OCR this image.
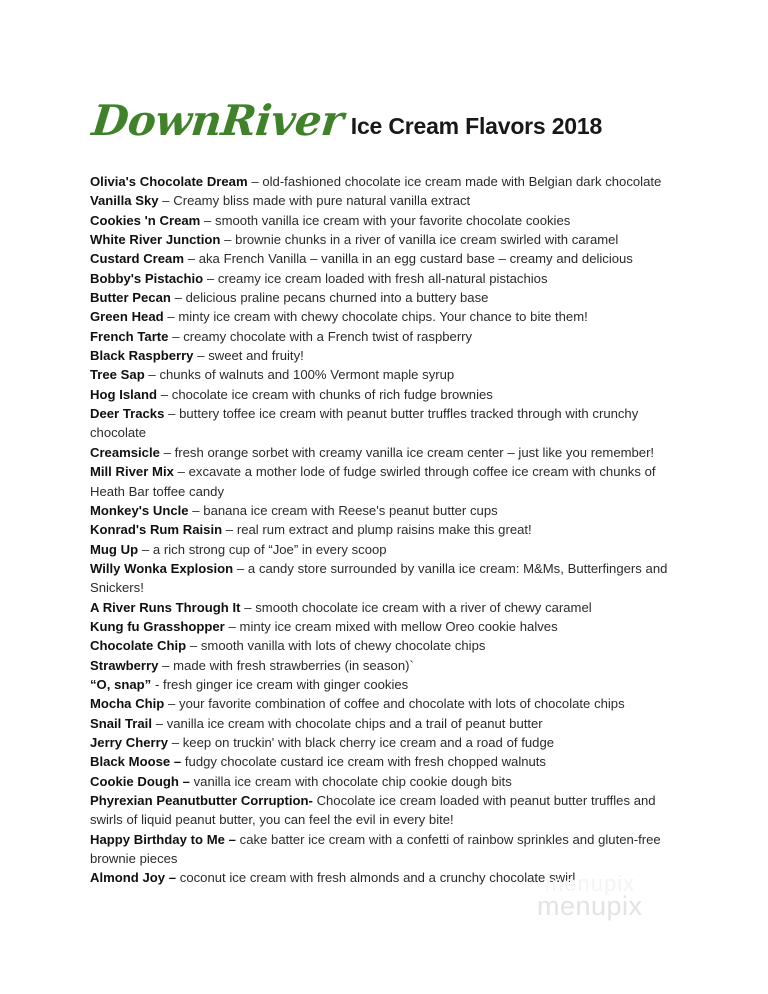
DownRiver Ice Cream Flavors 2018

Olivia's Chocolate Dream – old-fashioned chocolate ice cream made with Belgian dark chocolate

Vanilla Sky – Creamy bliss made with pure natural vanilla extract

Cookies 'n Cream – smooth vanilla ice cream with your favorite chocolate cookies

White River Junction – brownie chunks in a river of vanilla ice cream swirled with caramel

Custard Cream – aka French Vanilla – vanilla in an egg custard base – creamy and delicious

Bobby's Pistachio – creamy ice cream loaded with fresh all-natural pistachios

Butter Pecan – delicious praline pecans churned into a buttery base

Green Head – minty ice cream with chewy chocolate chips. Your chance to bite them!

French Tarte – creamy chocolate with a French twist of raspberry

Black Raspberry – sweet and fruity!

Tree Sap – chunks of walnuts and 100% Vermont maple syrup

Hog Island – chocolate ice cream with chunks of rich fudge brownies

Deer Tracks – buttery toffee ice cream with peanut butter truffles tracked through with crunchy chocolate

Creamsicle – fresh orange sorbet with creamy vanilla ice cream center – just like you remember!

Mill River Mix – excavate a mother lode of fudge swirled through coffee ice cream with chunks of Heath Bar toffee candy

Monkey's Uncle – banana ice cream with Reese's peanut butter cups

Konrad's Rum Raisin – real rum extract and plump raisins make this great!

Mug Up – a rich strong cup of “Joe” in every scoop

Willy Wonka Explosion – a candy store surrounded by vanilla ice cream: M&Ms, Butterfingers and Snickers!

A River Runs Through It – smooth chocolate ice cream with a river of chewy caramel

Kung fu Grasshopper – minty ice cream mixed with mellow Oreo cookie halves

Chocolate Chip – smooth vanilla with lots of chewy chocolate chips

Strawberry – made with fresh strawberries (in season)`

“O, snap” - fresh ginger ice cream with ginger cookies

Mocha Chip – your favorite combination of coffee and chocolate with lots of chocolate chips

Snail Trail – vanilla ice cream with chocolate chips and a trail of peanut butter

Jerry Cherry – keep on truckin' with black cherry ice cream and a road of fudge

Black Moose – fudgy chocolate custard ice cream with fresh chopped walnuts

Cookie Dough – vanilla ice cream with chocolate chip cookie dough bits

Phyrexian Peanutbutter Corruption- Chocolate ice cream loaded with peanut butter truffles and swirls of liquid peanut butter, you can feel the evil in every bite!

Happy Birthday to Me – cake batter ice cream with a confetti of rainbow sprinkles and gluten-free brownie pieces

Almond Joy – coconut ice cream with fresh almonds and a crunchy chocolate swirl

menupix
menupix
